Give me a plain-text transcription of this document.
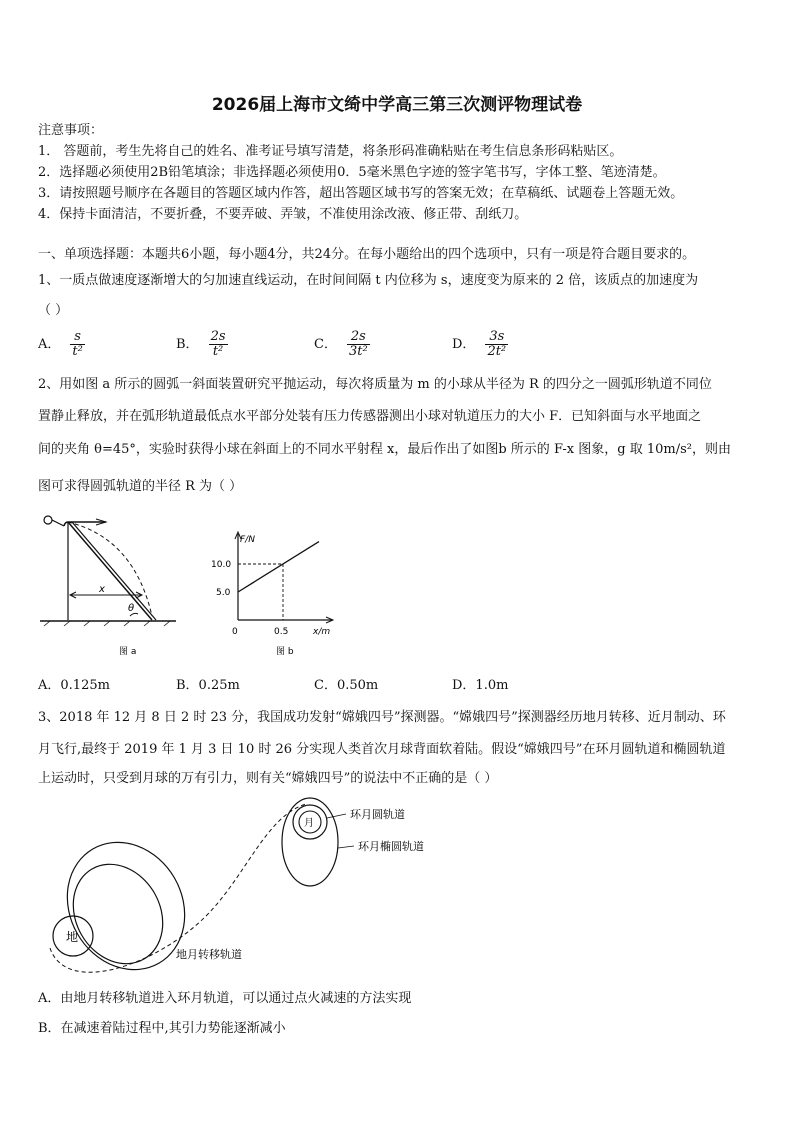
2026届上海市文绮中学高三第三次测评物理试卷
注意事项：
1． 答题前，考生先将自己的姓名、准考证号填写清楚，将条形码准确粘贴在考生信息条形码粘贴区。
2．选择题必须使用2B铅笔填涂；非选择题必须使用0．5毫米黑色字迹的签字笔书写，字体工整、笔迹清楚。
3．请按照题号顺序在各题目的答题区域内作答，超出答题区域书写的答案无效；在草稿纸、试题卷上答题无效。
4．保持卡面清洁，不要折叠，不要弄破、弄皱，不准使用涂改液、修正带、刮纸刀。
一、单项选择题：本题共6小题，每小题4分，共24分。在每小题给出的四个选项中，只有一项是符合题目要求的。
1、一质点做速度逐渐增大的匀加速直线运动，在时间间隔 t 内位移为 s，速度变为原来的 2 倍，该质点的加速度为
（ ）
A． $\frac{s}{\text{t²}}$	B． $\frac{2s}{\text{t²}}$	C． $\frac{2s}{\text{3t²}}$	D． $\frac{3s}{\text{2t²}}$
2、用如图 a 所示的圆弧一斜面装置研究平抛运动，每次将质量为 m 的小球从半径为 R 的四分之一圆弧形轨道不同位
置静止释放，并在弧形轨道最低点水平部分处装有压力传感器测出小球对轨道压力的大小 F．已知斜面与水平地面之
间的夹角 θ=45°，实验时获得小球在斜面上的不同水平射程 x，最后作出了如图b 所示的 F-x 图象，g 取 10m/s²，则由
图可求得圆弧轨道的半径 R 为（ ）
x
θ
图 a
F/N
x/m
0	0.5
10.0
5.0
图 b
A．0.125m	B．0.25m	C．0.50m	D．1.0m
3、2018 年 12 月 8 日 2 时 23 分，我国成功发射“嫦娥四号”探测器。“嫦娥四号”探测器经历地月转移、近月制动、环
月飞行,最终于 2019 年 1 月 3 日 10 时 26 分实现人类首次月球背面软着陆。假设“嫦娥四号”在环月圆轨道和椭圆轨道
上运动时，只受到月球的万有引力，则有关“嫦娥四号”的说法中不正确的是（ ）
地
月
环月圆轨道
环月椭圆轨道
地月转移轨道
A．由地月转移轨道进入环月轨道，可以通过点火减速的方法实现
B．在减速着陆过程中,其引力势能逐渐减小
